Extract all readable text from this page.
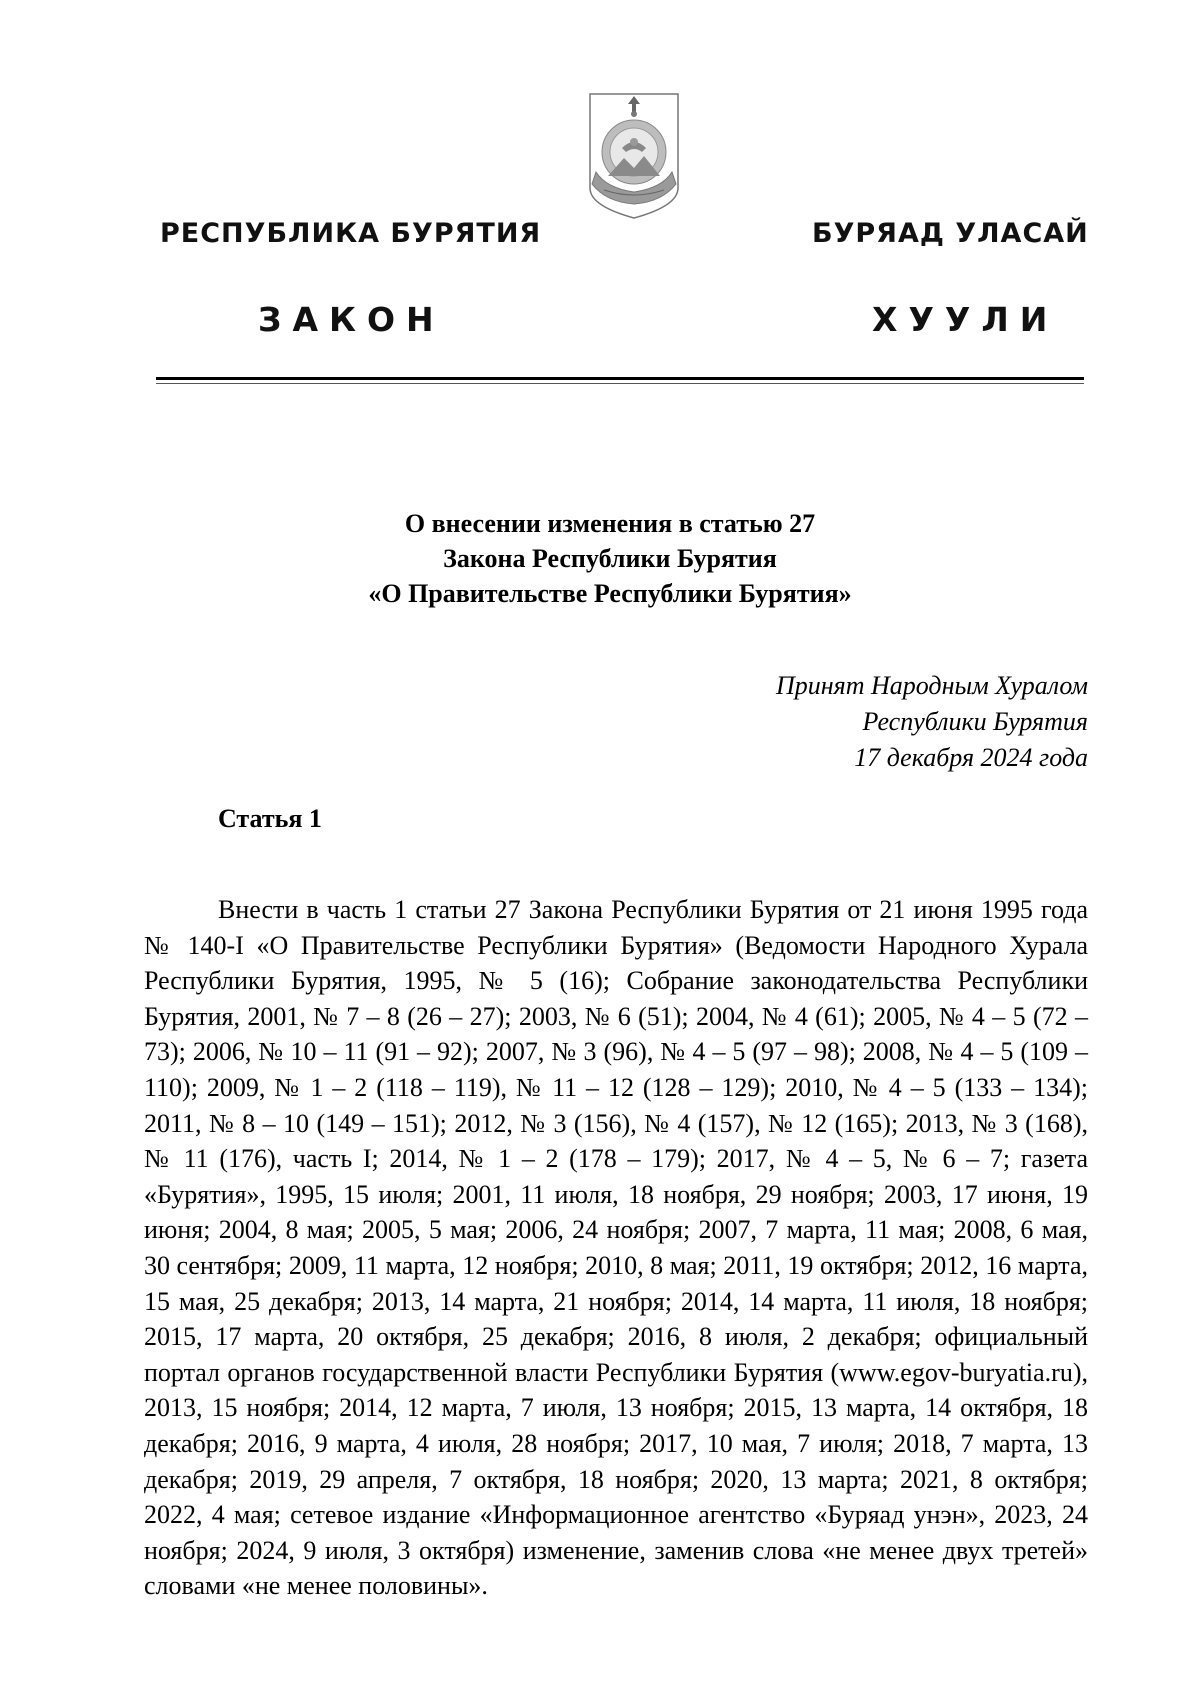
РЕСПУБЛИКА БУРЯТИЯ	БУРЯАД УЛАСАЙ
ЗАКОН	ХУУЛИ
О внесении изменения в статью 27
Закона Республики Бурятия
«О Правительстве Республики Бурятия»
Принят Народным Хуралом
Республики Бурятия
17 декабря 2024 года
Статья 1

Внести в часть 1 статьи 27 Закона Республики Бурятия от 21 июня 1995 года № 140-I «О Правительстве Республики Бурятия» (Ведомости Народного Хурала Республики Бурятия, 1995, № 5 (16); Собрание законодательства Республики Бурятия, 2001, № 7 – 8 (26 – 27); 2003, № 6 (51); 2004, № 4 (61); 2005, № 4 – 5 (72 – 73); 2006, № 10 – 11 (91 – 92); 2007, № 3 (96), № 4 – 5 (97 – 98); 2008, № 4 – 5 (109 – 110); 2009, № 1 – 2 (118 – 119), № 11 – 12 (128 – 129); 2010, № 4 – 5 (133 – 134); 2011, № 8 – 10 (149 – 151); 2012, № 3 (156), № 4 (157), № 12 (165); 2013, № 3 (168), № 11 (176), часть I; 2014, № 1 – 2 (178 – 179); 2017, № 4 – 5, № 6 – 7; газета «Бурятия», 1995, 15 июля; 2001, 11 июля, 18 ноября, 29 ноября; 2003, 17 июня, 19 июня; 2004, 8 мая; 2005, 5 мая; 2006, 24 ноября; 2007, 7 марта, 11 мая; 2008, 6 мая, 30 сентября; 2009, 11 марта, 12 ноября; 2010, 8 мая; 2011, 19 октября; 2012, 16 марта, 15 мая, 25 декабря; 2013, 14 марта, 21 ноября; 2014, 14 марта, 11 июля, 18 ноября; 2015, 17 марта, 20 октября, 25 декабря; 2016, 8 июля, 2 декабря; официальный портал органов государственной власти Республики Бурятия (www.egov-buryatia.ru), 2013, 15 ноября; 2014, 12 марта, 7 июля, 13 ноября; 2015, 13 марта, 14 октября, 18 декабря; 2016, 9 марта, 4 июля, 28 ноября; 2017, 10 мая, 7 июля; 2018, 7 марта, 13 декабря; 2019, 29 апреля, 7 октября, 18 ноября; 2020, 13 марта; 2021, 8 октября; 2022, 4 мая; сетевое издание «Информационное агентство «Буряад унэн», 2023, 24 ноября; 2024, 9 июля, 3 октября) изменение, заменив слова «не менее двух третей» словами «не менее половины».
